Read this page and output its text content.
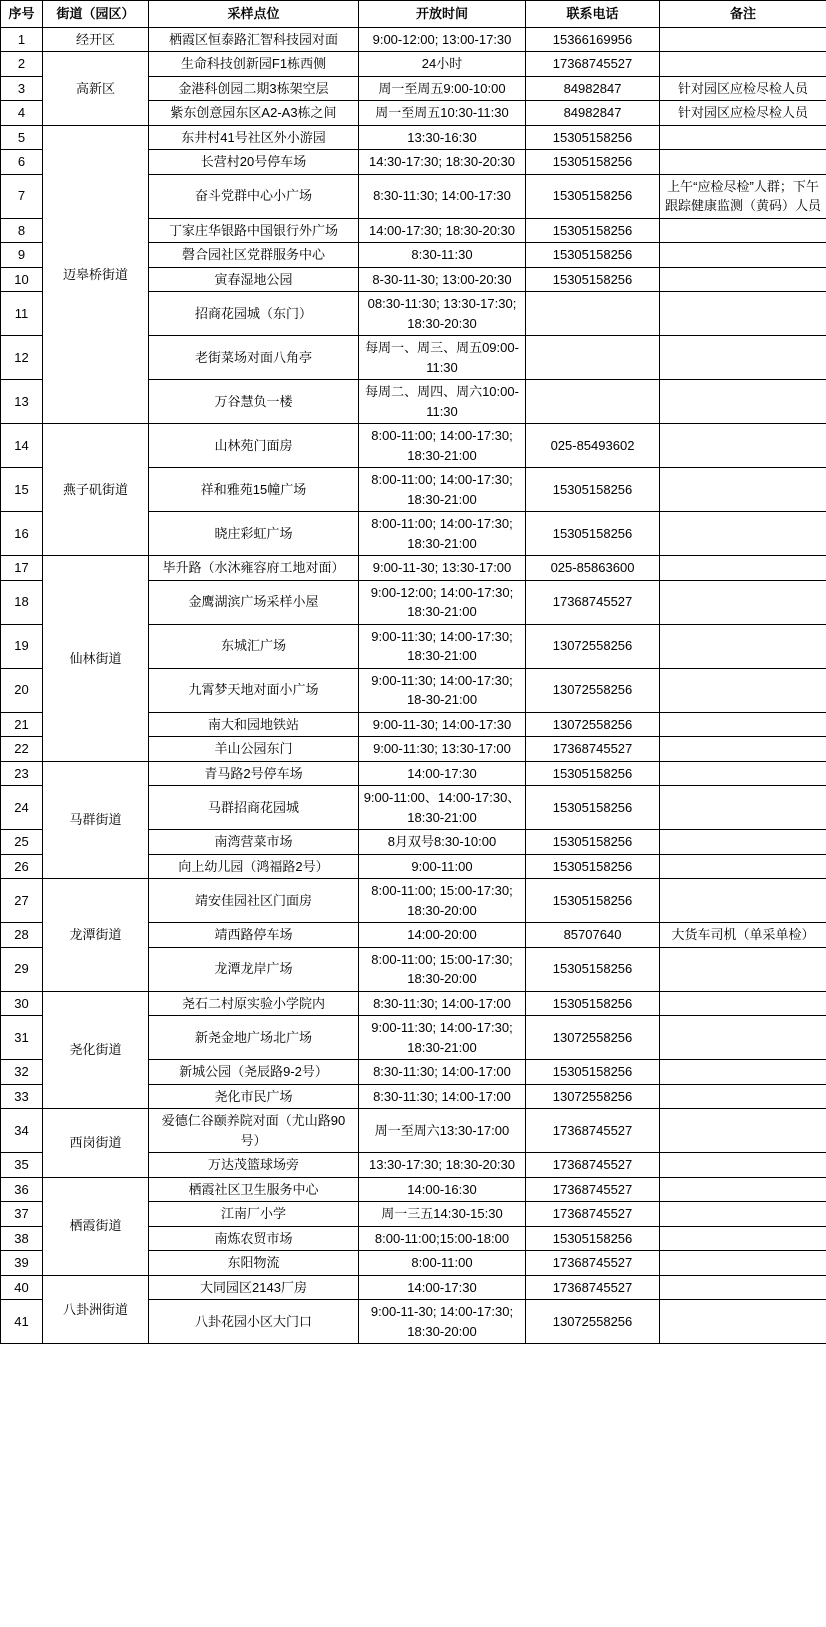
序号	街道（园区）	采样点位	开放时间	联系电话	备注
1	经开区	栖霞区恒泰路汇智科技园对面	9:00-12:00; 13:00-17:30	15366169956	
2	高新区	生命科技创新园F1栋西侧	24小时	17368745527	
3		金港科创园二期3栋架空层	周一至周五9:00-10:00	84982847	针对园区应检尽检人员
4		紫东创意园东区A2-A3栋之间	周一至周五10:30-11:30	84982847	针对园区应检尽检人员
5	迈皋桥街道	东井村41号社区外小游园	13:30-16:30	15305158256	
6		长营村20号停车场	14:30-17:30; 18:30-20:30	15305158256	
7		奋斗党群中心小广场	8:30-11:30; 14:00-17:30	15305158256	上午“应检尽检”人群；下午跟踪健康监测（黄码）人员
8		丁家庄华银路中国银行外广场	14:00-17:30; 18:30-20:30	15305158256	
9		磬合园社区党群服务中心	8:30-11:30	15305158256	
10		寅春湿地公园	8-30-11-30; 13:00-20:30	15305158256	
11		招商花园城（东门）	08:30-11:30; 13:30-17:30; 18:30-20:30		
12		老街菜场对面八角亭	每周一、周三、周五09:00-11:30		
13		万谷慧负一楼	每周二、周四、周六10:00-11:30		
14	燕子矶街道	山林苑门面房	8:00-11:00; 14:00-17:30; 18:30-21:00	025-85493602	
15		祥和雅苑15幢广场	8:00-11:00; 14:00-17:30; 18:30-21:00	15305158256	
16		晓庄彩虹广场	8:00-11:00; 14:00-17:30; 18:30-21:00	15305158256	
17	仙林街道	毕升路（水沐雍容府工地对面）	9:00-11-30; 13:30-17:00	025-85863600	
18		金鹰湖滨广场采样小屋	9:00-12:00; 14:00-17:30; 18:30-21:00	17368745527	
19		东城汇广场	9:00-11:30; 14:00-17:30; 18:30-21:00	13072558256	
20		九霄梦天地对面小广场	9:00-11:30; 14:00-17:30; 18-30-21:00	13072558256	
21		南大和园地铁站	9:00-11-30; 14:00-17:30	13072558256	
22		羊山公园东门	9:00-11:30; 13:30-17:00	17368745527	
23	马群街道	青马路2号停车场	14:00-17:30	15305158256	
24		马群招商花园城	9:00-11:00、14:00-17:30、18:30-21:00	15305158256	
25		南湾营菜市场	8月双号8:30-10:00	15305158256	
26		向上幼儿园（鸿福路2号）	9:00-11:00	15305158256	
27	龙潭街道	靖安佳园社区门面房	8:00-11:00; 15:00-17:30; 18:30-20:00	15305158256	
28		靖西路停车场	14:00-20:00	85707640	大货车司机（单采单检）
29		龙潭龙岸广场	8:00-11:00; 15:00-17:30; 18:30-20:00	15305158256	
30	尧化街道	尧石二村原实验小学院内	8:30-11:30; 14:00-17:00	15305158256	
31		新尧金地广场北广场	9:00-11:30; 14:00-17:30; 18:30-21:00	13072558256	
32		新城公园（尧辰路9-2号）	8:30-11:30; 14:00-17:00	15305158256	
33		尧化市民广场	8:30-11:30; 14:00-17:00	13072558256	
34	西岗街道	爱德仁谷颐养院对面（尤山路90号）	周一至周六13:30-17:00	17368745527	
35		万达茂篮球场旁	13:30-17:30; 18:30-20:30	17368745527	
36	栖霞街道	栖霞社区卫生服务中心	14:00-16:30	17368745527	
37		江南厂小学	周一三五14:30-15:30	17368745527	
38		南炼农贸市场	8:00-11:00;15:00-18:00	15305158256	
39		东阳物流	8:00-11:00	17368745527	
40	八卦洲街道	大同园区2143厂房	14:00-17:30	17368745527	
41		八卦花园小区大门口	9:00-11-30; 14:00-17:30; 18:30-20:00	13072558256	
